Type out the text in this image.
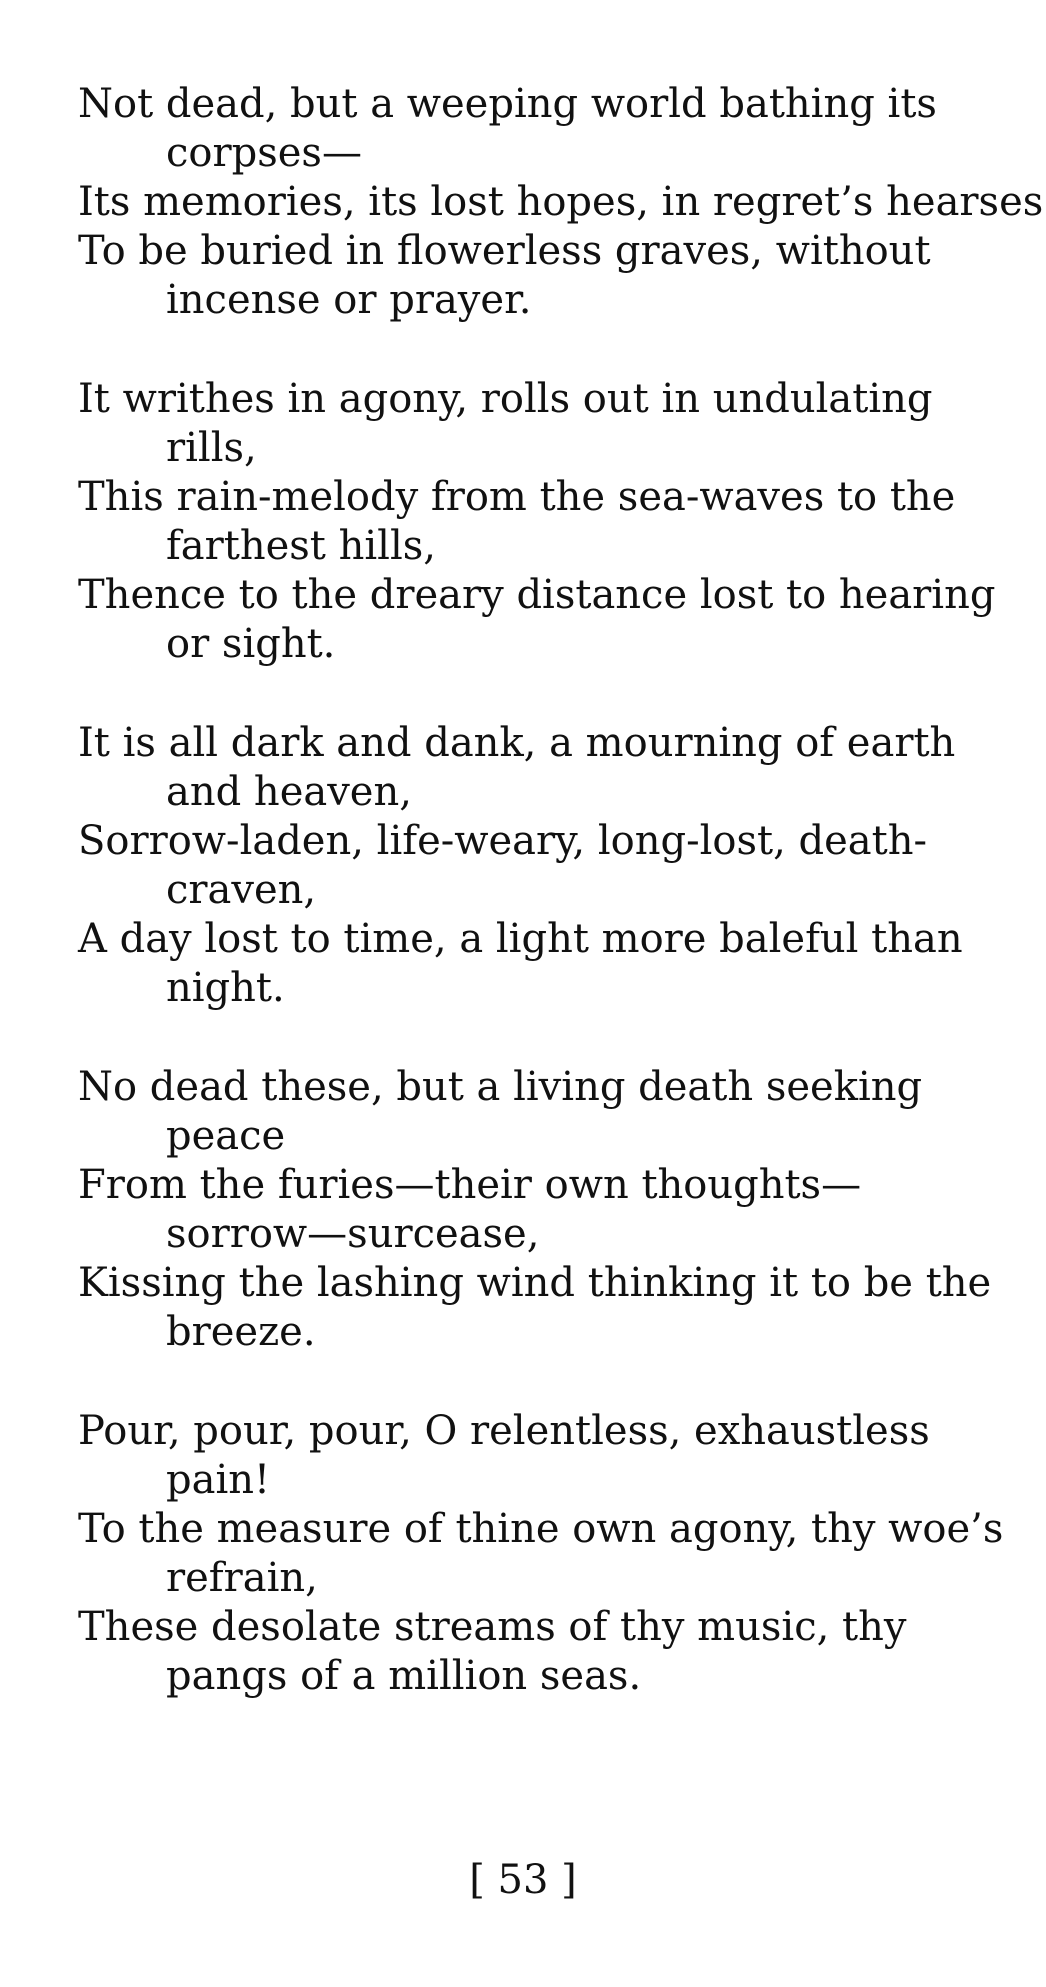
Not dead, but a weeping world bathing its

corpses—

Its memories, its lost hopes, in regret’s hearses

To be buried in flowerless graves, without

incense or prayer.

It writhes in agony, rolls out in undulating

rills,

This rain-melody from the sea-waves to the

farthest hills,

Thence to the dreary distance lost to hearing

or sight.

It is all dark and dank, a mourning of earth

and heaven,

Sorrow-laden, life-weary, long-lost, death-

craven,

A day lost to time, a light more baleful than

night.

No dead these, but a living death seeking

peace

From the furies—their own thoughts—

sorrow—surcease,

Kissing the lashing wind thinking it to be the

breeze.

Pour, pour, pour, O relentless, exhaustless

pain!

To the measure of thine own agony, thy woe’s

refrain,

These desolate streams of thy music, thy

pangs of a million seas.

[ 53 ]
